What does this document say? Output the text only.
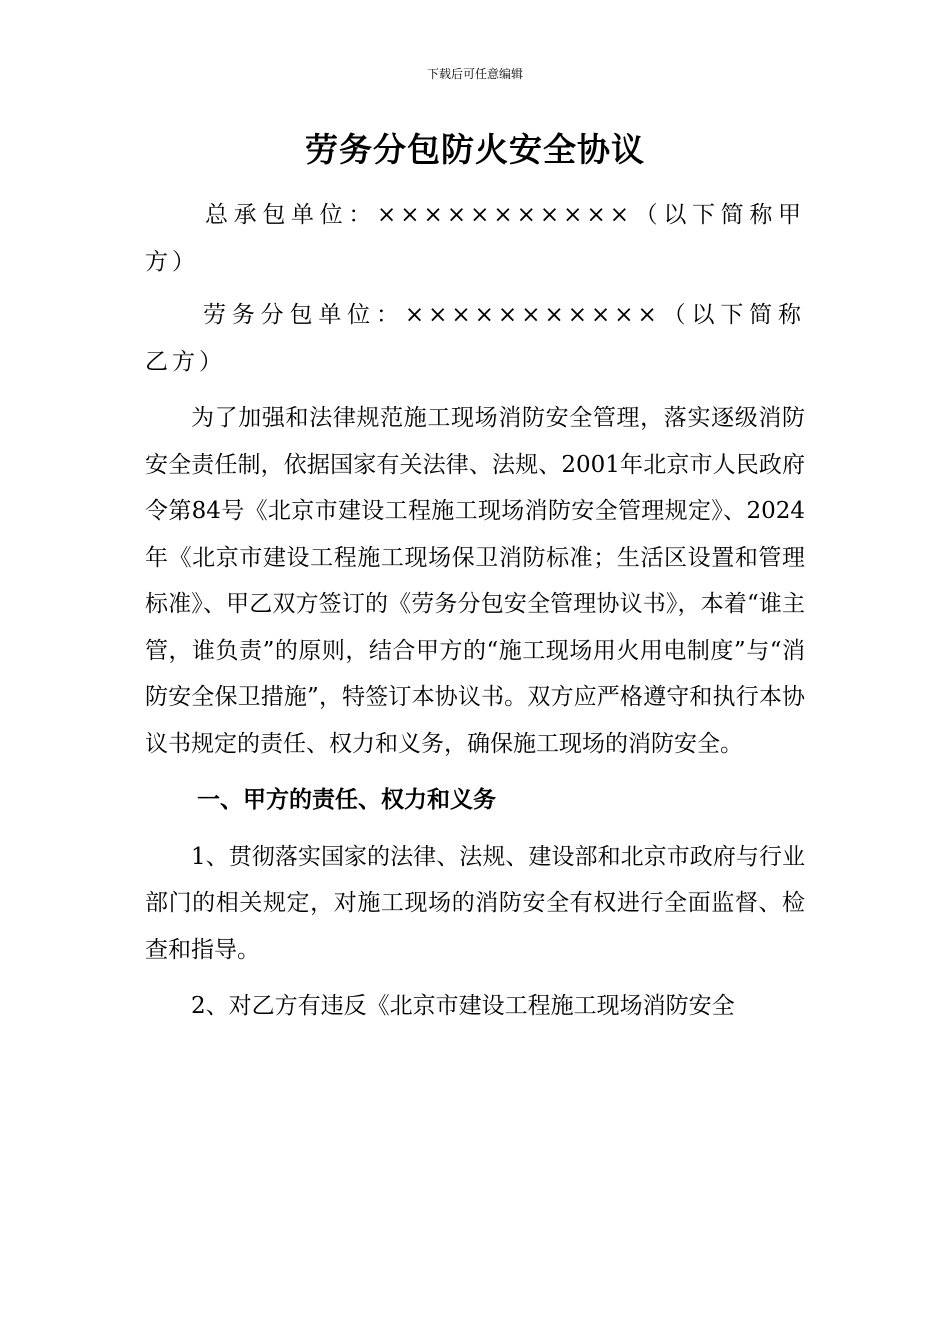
下载后可任意编辑
劳务分包防火安全协议

总承包单位：×××××××××××（以下简称甲方）

劳务分包单位：×××××××××××（以下简称乙方）

为了加强和法律规范施工现场消防安全管理，落实逐级消防安全责任制，依据国家有关法律、法规、2001年北京市人民政府令第84号《北京市建设工程施工现场消防安全管理规定》、2024年《北京市建设工程施工现场保卫消防标准；生活区设置和管理标准》、甲乙双方签订的《劳务分包安全管理协议书》，本着“谁主管，谁负责”的原则，结合甲方的“施工现场用火用电制度”与“消防安全保卫措施”，特签订本协议书。双方应严格遵守和执行本协议书规定的责任、权力和义务，确保施工现场的消防安全。

一、甲方的责任、权力和义务

1、贯彻落实国家的法律、法规、建设部和北京市政府与行业部门的相关规定，对施工现场的消防安全有权进行全面监督、检查和指导。

2、对乙方有违反《北京市建设工程施工现场消防安全
